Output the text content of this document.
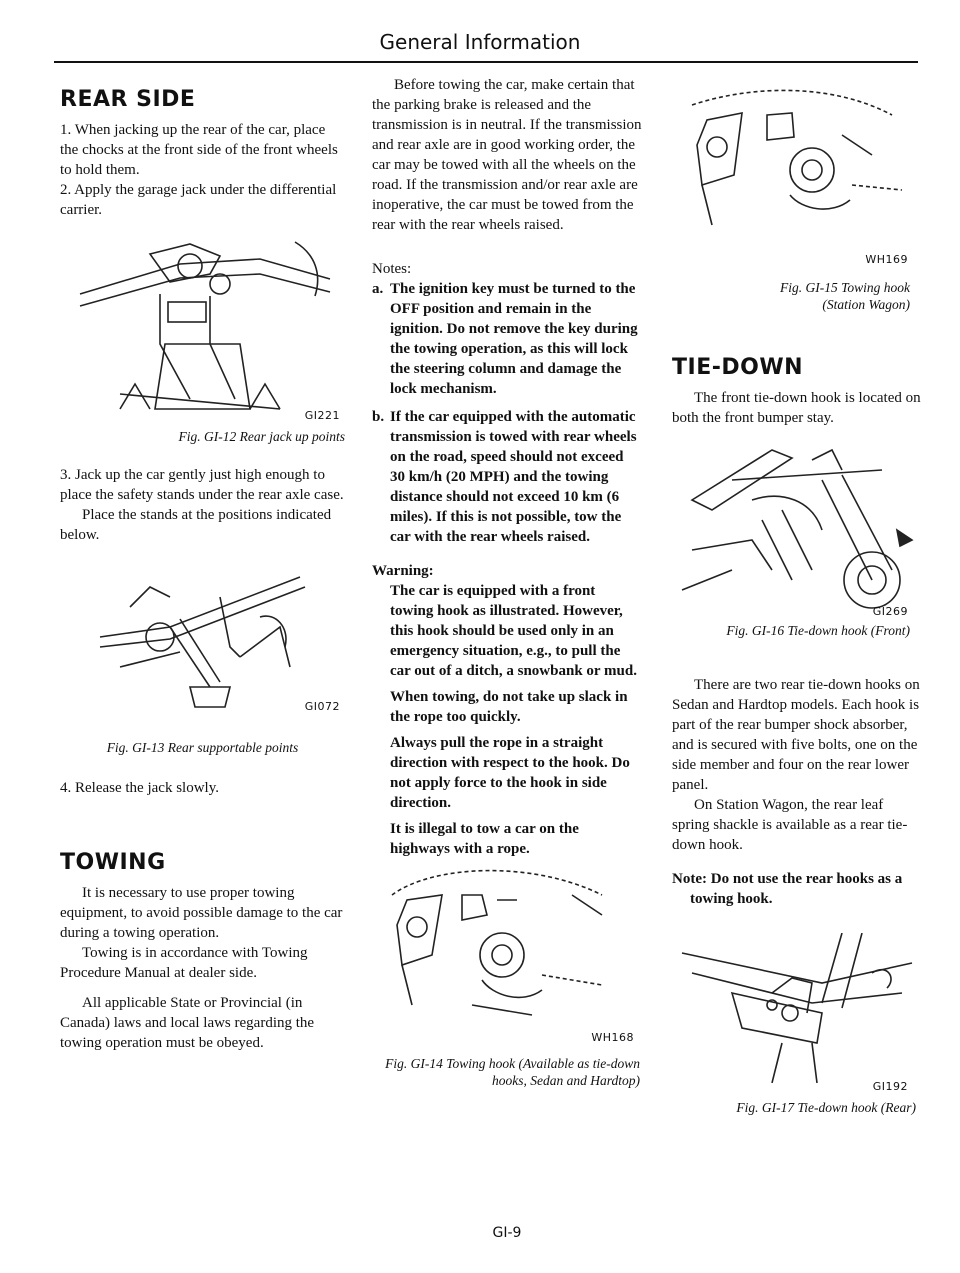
General Information
REAR SIDE

1. When jacking up the rear of the car, place the chocks at the front side of the front wheels to hold them.

2. Apply the garage jack under the differential carrier.

GI221
Fig. GI-12 Rear jack up points

3. Jack up the car gently just high enough to place the safety stands under the rear axle case.

Place the stands at the positions indicated below.

GI072
Fig. GI-13 Rear supportable points

4. Release the jack slowly.

TOWING

It is necessary to use proper towing equipment, to avoid possible damage to the car during a towing operation.

Towing is in accordance with Towing Procedure Manual at dealer side.

All applicable State or Provincial (in Canada) laws and local laws regarding the towing operation must be obeyed.

Before towing the car, make certain that the parking brake is released and the transmission is in neutral. If the transmission and rear axle are in good working order, the car may be towed with all the wheels on the road. If the transmission and/or rear axle are inoperative, the car must be towed from the rear with the rear wheels raised.

Notes:

a. The ignition key must be turned to the OFF position and remain in the ignition. Do not remove the key during the towing operation, as this will lock the steering column and damage the lock mechanism.
b. If the car equipped with the automatic transmission is towed with rear wheels on the road, speed should not exceed 30 km/h (20 MPH) and the towing distance should not exceed 10 km (6 miles). If this is not possible, tow the car with the rear wheels raised.
Warning:
The car is equipped with a front towing hook as illustrated. However, this hook should be used only in an emergency situation, e.g., to pull the car out of a ditch, a snowbank or mud.
When towing, do not take up slack in the rope too quickly.
Always pull the rope in a straight direction with respect to the hook. Do not apply force to the hook in side direction.
It is illegal to tow a car on the highways with a rope.
WH168
Fig. GI-14 Towing hook (Available as tie-down hooks, Sedan and Hardtop)
GI-9
WH169
Fig. GI-15 Towing hook
(Station Wagon)
TIE-DOWN

The front tie-down hook is located on both the front bumper stay.

GI269
Fig. GI-16 Tie-down hook (Front)

There are two rear tie-down hooks on Sedan and Hardtop models. Each hook is part of the rear bumper shock absorber, and is secured with five bolts, one on the side member and four on the rear lower panel.

On Station Wagon, the rear leaf spring shackle is available as a rear tie-down hook.

Note: Do not use the rear hooks as a towing hook.

GI192
Fig. GI-17 Tie-down hook (Rear)
